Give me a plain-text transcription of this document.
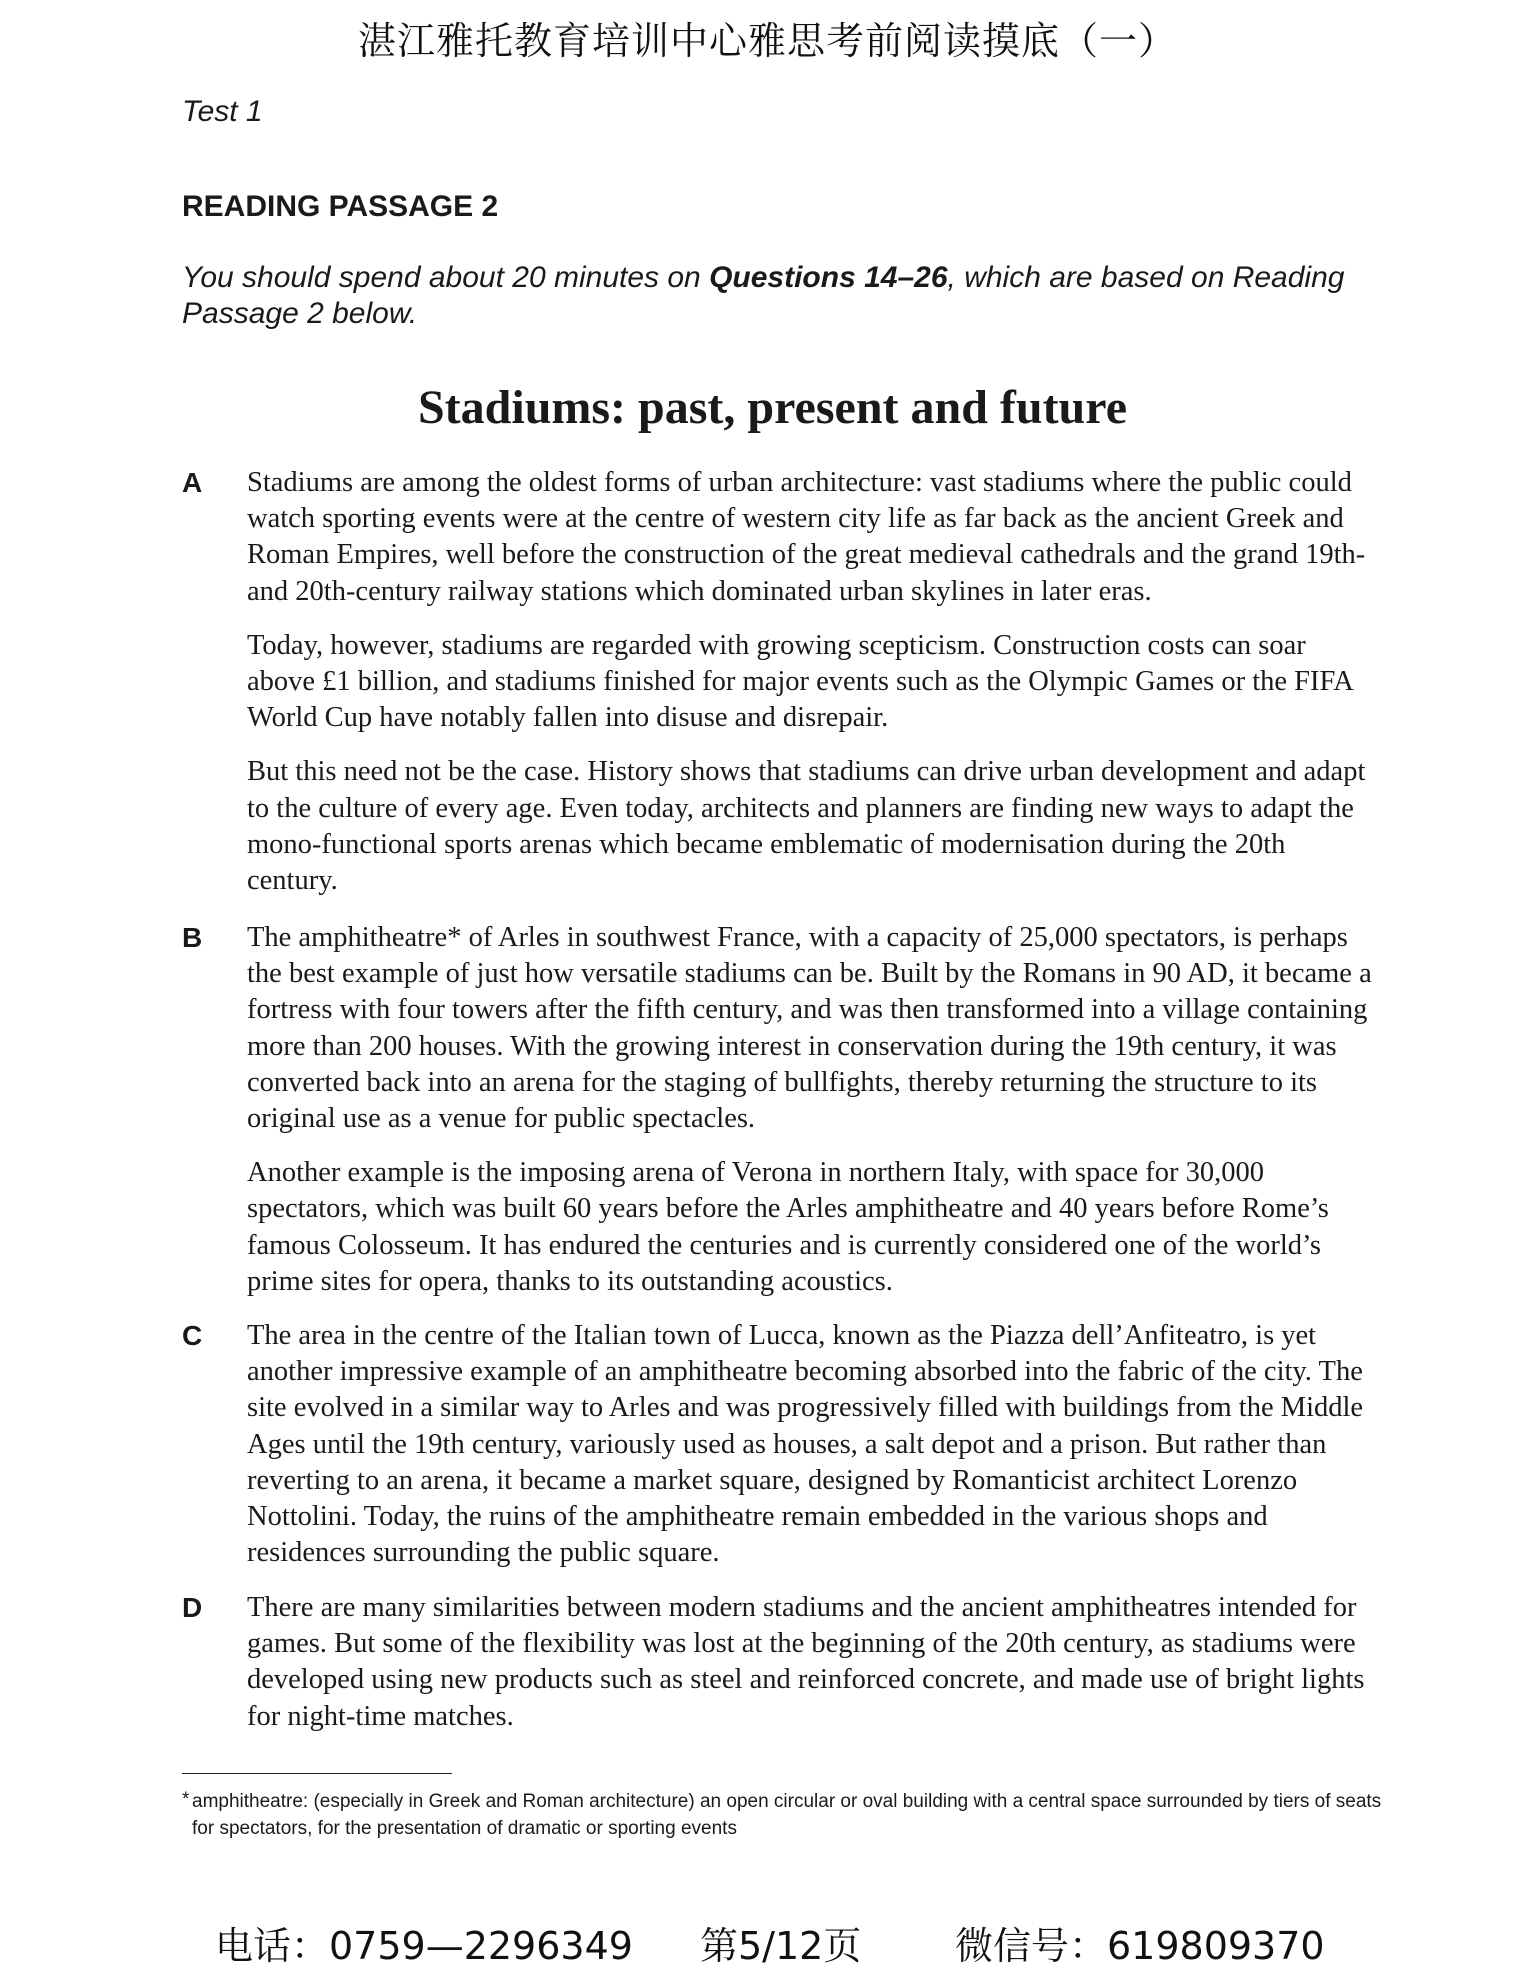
湛江雅托教育培训中心雅思考前阅读摸底（一）
Test 1
READING PASSAGE 2
You should spend about 20 minutes on Questions 14–26, which are based on Reading Passage 2 below.
Stadiums: past, present and future
A Stadiums are among the oldest forms of urban architecture: vast stadiums where the public could watch sporting events were at the centre of western city life as far back as the ancient Greek and Roman Empires, well before the construction of the great medieval cathedrals and the grand 19th- and 20th-century railway stations which dominated urban skylines in later eras.

Today, however, stadiums are regarded with growing scepticism. Construction costs can soar above £1 billion, and stadiums finished for major events such as the Olympic Games or the FIFA World Cup have notably fallen into disuse and disrepair.

But this need not be the case. History shows that stadiums can drive urban development and adapt to the culture of every age. Even today, architects and planners are finding new ways to adapt the mono-functional sports arenas which became emblematic of modernisation during the 20th century.

B The amphitheatre* of Arles in southwest France, with a capacity of 25,000 spectators, is perhaps the best example of just how versatile stadiums can be. Built by the Romans in 90 AD, it became a fortress with four towers after the fifth century, and was then transformed into a village containing more than 200 houses. With the growing interest in conservation during the 19th century, it was converted back into an arena for the staging of bullfights, thereby returning the structure to its original use as a venue for public spectacles.

Another example is the imposing arena of Verona in northern Italy, with space for 30,000 spectators, which was built 60 years before the Arles amphitheatre and 40 years before Rome’s famous Colosseum. It has endured the centuries and is currently considered one of the world’s prime sites for opera, thanks to its outstanding acoustics.

C The area in the centre of the Italian town of Lucca, known as the Piazza dell’Anfiteatro, is yet another impressive example of an amphitheatre becoming absorbed into the fabric of the city. The site evolved in a similar way to Arles and was progressively filled with buildings from the Middle Ages until the 19th century, variously used as houses, a salt depot and a prison. But rather than reverting to an arena, it became a market square, designed by Romanticist architect Lorenzo Nottolini. Today, the ruins of the amphitheatre remain embedded in the various shops and residences surrounding the public square.

D There are many similarities between modern stadiums and the ancient amphitheatres intended for games. But some of the flexibility was lost at the beginning of the 20th century, as stadiums were developed using new products such as steel and reinforced concrete, and made use of bright lights for night-time matches.

* amphitheatre: (especially in Greek and Roman architecture) an open circular or oval building with a central space surrounded by tiers of seats for spectators, for the presentation of dramatic or sporting events
电话：0759—2296349 第5/12页 微信号：619809370
